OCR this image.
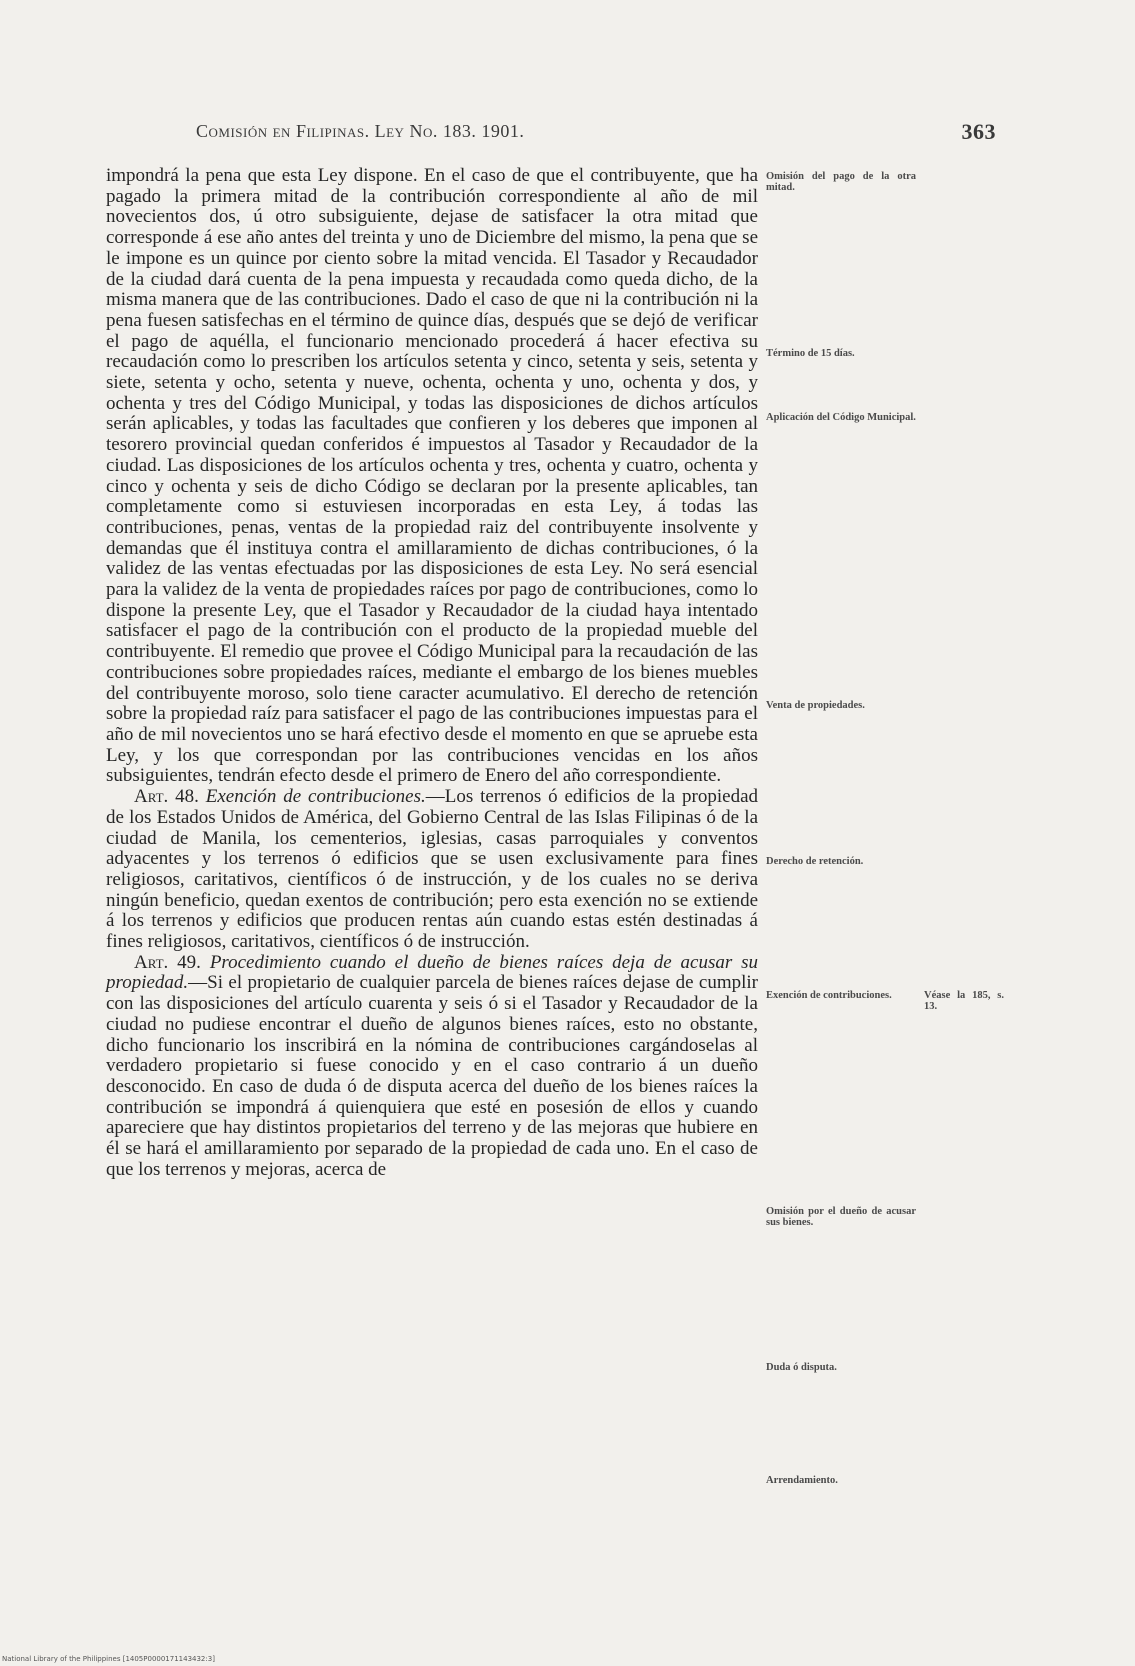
Comisión en Filipinas. Ley No. 183. 1901.	363

impondrá la pena que esta Ley dispone. En el caso de que el contribuyente, que ha pagado la primera mitad de la contribución correspondiente al año de mil novecientos dos, ú otro subsiguiente, dejase de satisfacer la otra mitad que corresponde á ese año antes del treinta y uno de Diciembre del mismo, la pena que se le impone es un quince por ciento sobre la mitad vencida. El Tasador y Recaudador de la ciudad dará cuenta de la pena impuesta y recaudada como queda dicho, de la misma manera que de las contribuciones. Dado el caso de que ni la contribución ni la pena fuesen satisfechas en el término de quince días, después que se dejó de verificar el pago de aquélla, el funcionario mencionado procederá á hacer efectiva su recaudación como lo prescriben los artículos setenta y cinco, setenta y seis, setenta y siete, setenta y ocho, setenta y nueve, ochenta, ochenta y uno, ochenta y dos, y ochenta y tres del Código Municipal, y todas las disposiciones de dichos artículos serán aplicables, y todas las facultades que confieren y los deberes que imponen al tesorero provincial quedan conferidos é impuestos al Tasador y Recaudador de la ciudad. Las disposiciones de los artículos ochenta y tres, ochenta y cuatro, ochenta y cinco y ochenta y seis de dicho Código se declaran por la presente aplicables, tan completamente como si estuviesen incorporadas en esta Ley, á todas las contribuciones, penas, ventas de la propiedad raiz del contribuyente insolvente y demandas que él instituya contra el amillaramiento de dichas contribuciones, ó la validez de las ventas efectuadas por las disposiciones de esta Ley. No será esencial para la validez de la venta de propiedades raíces por pago de contribuciones, como lo dispone la presente Ley, que el Tasador y Recaudador de la ciudad haya intentado satisfacer el pago de la contribución con el producto de la propiedad mueble del contribuyente. El remedio que provee el Código Municipal para la recaudación de las contribuciones sobre propiedades raíces, mediante el embargo de los bienes muebles del contribuyente moroso, solo tiene caracter acumulativo. El derecho de retención sobre la propiedad raíz para satisfacer el pago de las contribuciones impuestas para el año de mil novecientos uno se hará efectivo desde el momento en que se apruebe esta Ley, y los que correspondan por las contribuciones vencidas en los años subsiguientes, tendrán efecto desde el primero de Enero del año correspondiente.

Art. 48. Exención de contribuciones.—Los terrenos ó edificios de la propiedad de los Estados Unidos de América, del Gobierno Central de las Islas Filipinas ó de la ciudad de Manila, los cementerios, iglesias, casas parroquiales y conventos adyacentes y los terrenos ó edificios que se usen exclusivamente para fines religiosos, caritativos, científicos ó de instrucción, y de los cuales no se deriva ningún beneficio, quedan exentos de contribución; pero esta exención no se extiende á los terrenos y edificios que producen rentas aún cuando estas estén destinadas á fines religiosos, caritativos, científicos ó de instrucción.

Art. 49. Procedimiento cuando el dueño de bienes raíces deja de acusar su propiedad.—Si el propietario de cualquier parcela de bienes raíces dejase de cumplir con las disposiciones del artículo cuarenta y seis ó si el Tasador y Recaudador de la ciudad no pudiese encontrar el dueño de algunos bienes raíces, esto no obstante, dicho funcionario los inscribirá en la nómina de contribuciones cargándoselas al verdadero propietario si fuese conocido y en el caso contrario á un dueño desconocido. En caso de duda ó de disputa acerca del dueño de los bienes raíces la contribución se impondrá á quienquiera que esté en posesión de ellos y cuando apareciere que hay distintos propietarios del terreno y de las mejoras que hubiere en él se hará el amillaramiento por separado de la propiedad de cada uno. En el caso de que los terrenos y mejoras, acerca de

Omisión del pago de la otra mitad.
Término de 15 días.
Aplicación del Código Municipal.
Venta de propiedades.
Derecho de retención.
Exención de contribuciones.	Véase la 185, s. 13.
Omisión por el dueño de acusar sus bienes.
Duda ó disputa.
Arrendamiento.
National Library of the Philippines [1405P0000171143432:3]
